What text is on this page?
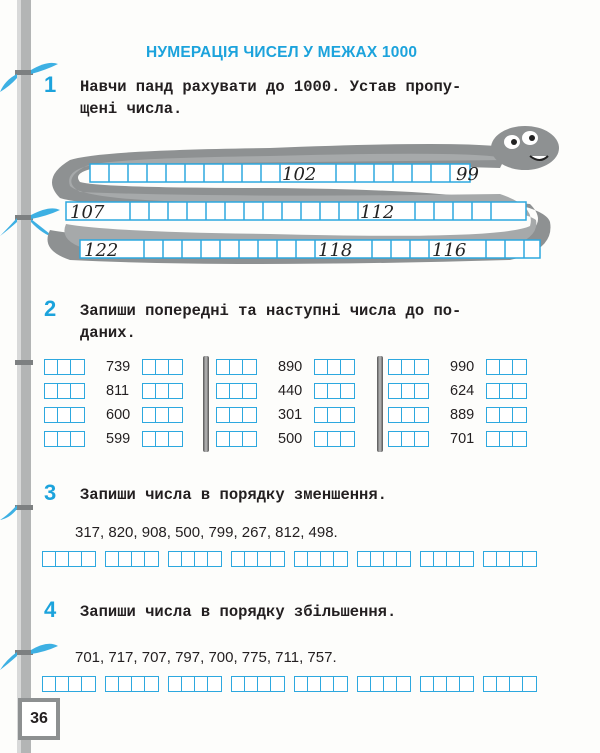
НУМЕРАЦІЯ ЧИСЕЛ У МЕЖАХ 1000
1 Навчи панд рахувати до 1000. Устав пропу-
щені числа.
102	99
107	112
122	118	116
2 Запиши попередні та наступні числа до по-
даних.
739
811
600
599
890
440
301
500
990
624
889
701
3 Запиши числа в порядку зменшення.
317, 820, 908, 500, 799, 267, 812, 498.
4 Запиши числа в порядку збільшення.
701, 717, 707, 797, 700, 775, 711, 757.
36
